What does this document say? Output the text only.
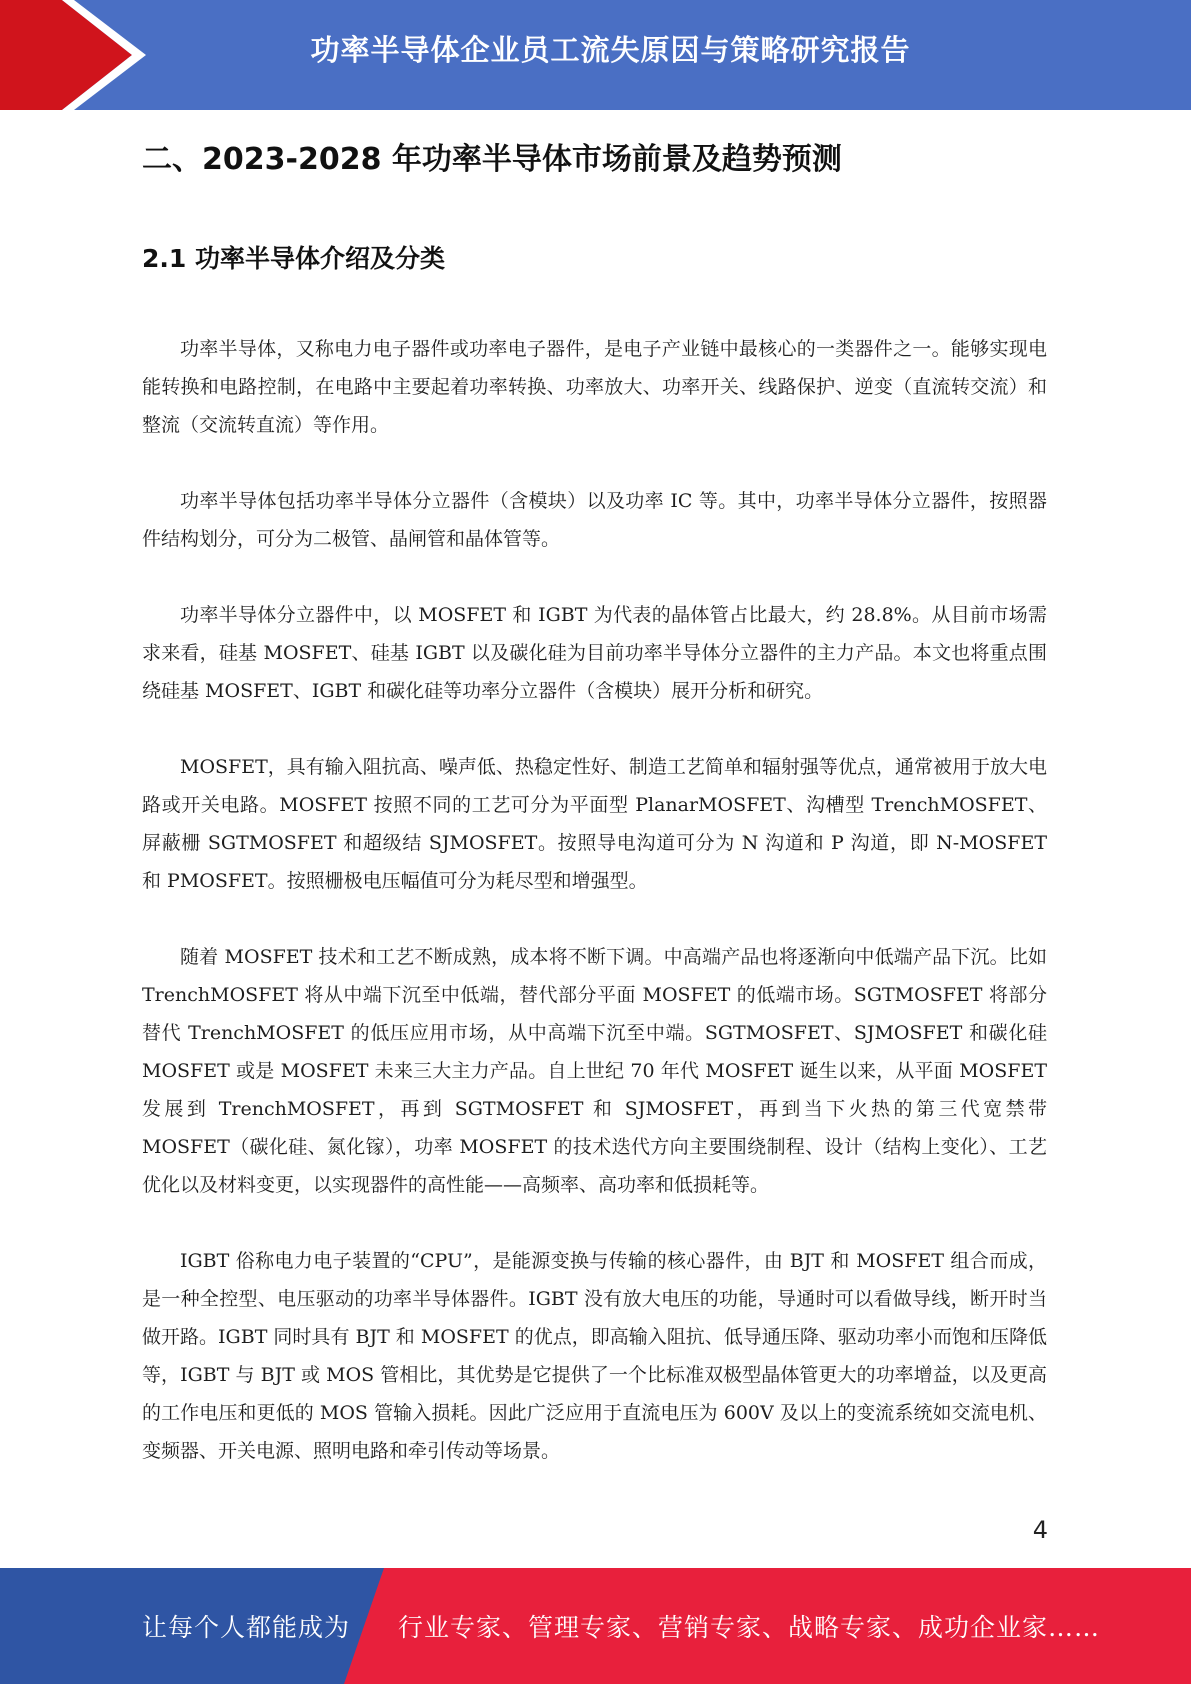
功率半导体企业员工流失原因与策略研究报告
二、2023-2028 年功率半导体市场前景及趋势预测
2.1 功率半导体介绍及分类

功率半导体，又称电力电子器件或功率电子器件，是电子产业链中最核心的一类器件之一。能够实现电能转换和电路控制，在电路中主要起着功率转换、功率放大、功率开关、线路保护、逆变（直流转交流）和整流（交流转直流）等作用。

功率半导体包括功率半导体分立器件（含模块）以及功率 IC 等。其中，功率半导体分立器件，按照器件结构划分，可分为二极管、晶闸管和晶体管等。

功率半导体分立器件中，以 MOSFET 和 IGBT 为代表的晶体管占比最大，约 28.8%。从目前市场需求来看，硅基 MOSFET、硅基 IGBT 以及碳化硅为目前功率半导体分立器件的主力产品。本文也将重点围绕硅基 MOSFET、IGBT 和碳化硅等功率分立器件（含模块）展开分析和研究。

MOSFET，具有输入阻抗高、噪声低、热稳定性好、制造工艺简单和辐射强等优点，通常被用于放大电路或开关电路。MOSFET 按照不同的工艺可分为平面型 PlanarMOSFET、沟槽型 TrenchMOSFET、屏蔽栅 SGTMOSFET 和超级结 SJMOSFET。按照导电沟道可分为 N 沟道和 P 沟道，即 N-MOSFET 和 PMOSFET。按照栅极电压幅值可分为耗尽型和增强型。

随着 MOSFET 技术和工艺不断成熟，成本将不断下调。中高端产品也将逐渐向中低端产品下沉。比如 TrenchMOSFET 将从中端下沉至中低端，替代部分平面 MOSFET 的低端市场。SGTMOSFET 将部分替代 TrenchMOSFET 的低压应用市场，从中高端下沉至中端。SGTMOSFET、SJMOSFET 和碳化硅 MOSFET 或是 MOSFET 未来三大主力产品。自上世纪 70 年代 MOSFET 诞生以来，从平面 MOSFET 发展到 TrenchMOSFET，再到 SGTMOSFET 和 SJMOSFET，再到当下火热的第三代宽禁带 MOSFET（碳化硅、氮化镓），功率 MOSFET 的技术迭代方向主要围绕制程、设计（结构上变化）、工艺优化以及材料变更，以实现器件的高性能——高频率、高功率和低损耗等。

IGBT 俗称电力电子装置的“CPU”，是能源变换与传输的核心器件，由 BJT 和 MOSFET 组合而成，是一种全控型、电压驱动的功率半导体器件。IGBT 没有放大电压的功能，导通时可以看做导线，断开时当做开路。IGBT 同时具有 BJT 和 MOSFET 的优点，即高输入阻抗、低导通压降、驱动功率小而饱和压降低等，IGBT 与 BJT 或 MOS 管相比，其优势是它提供了一个比标准双极型晶体管更大的功率增益，以及更高的工作电压和更低的 MOS 管输入损耗。因此广泛应用于直流电压为 600V 及以上的变流系统如交流电机、变频器、开关电源、照明电路和牵引传动等场景。

4
让每个人都能成为 行业专家、管理专家、营销专家、战略专家、成功企业家……
